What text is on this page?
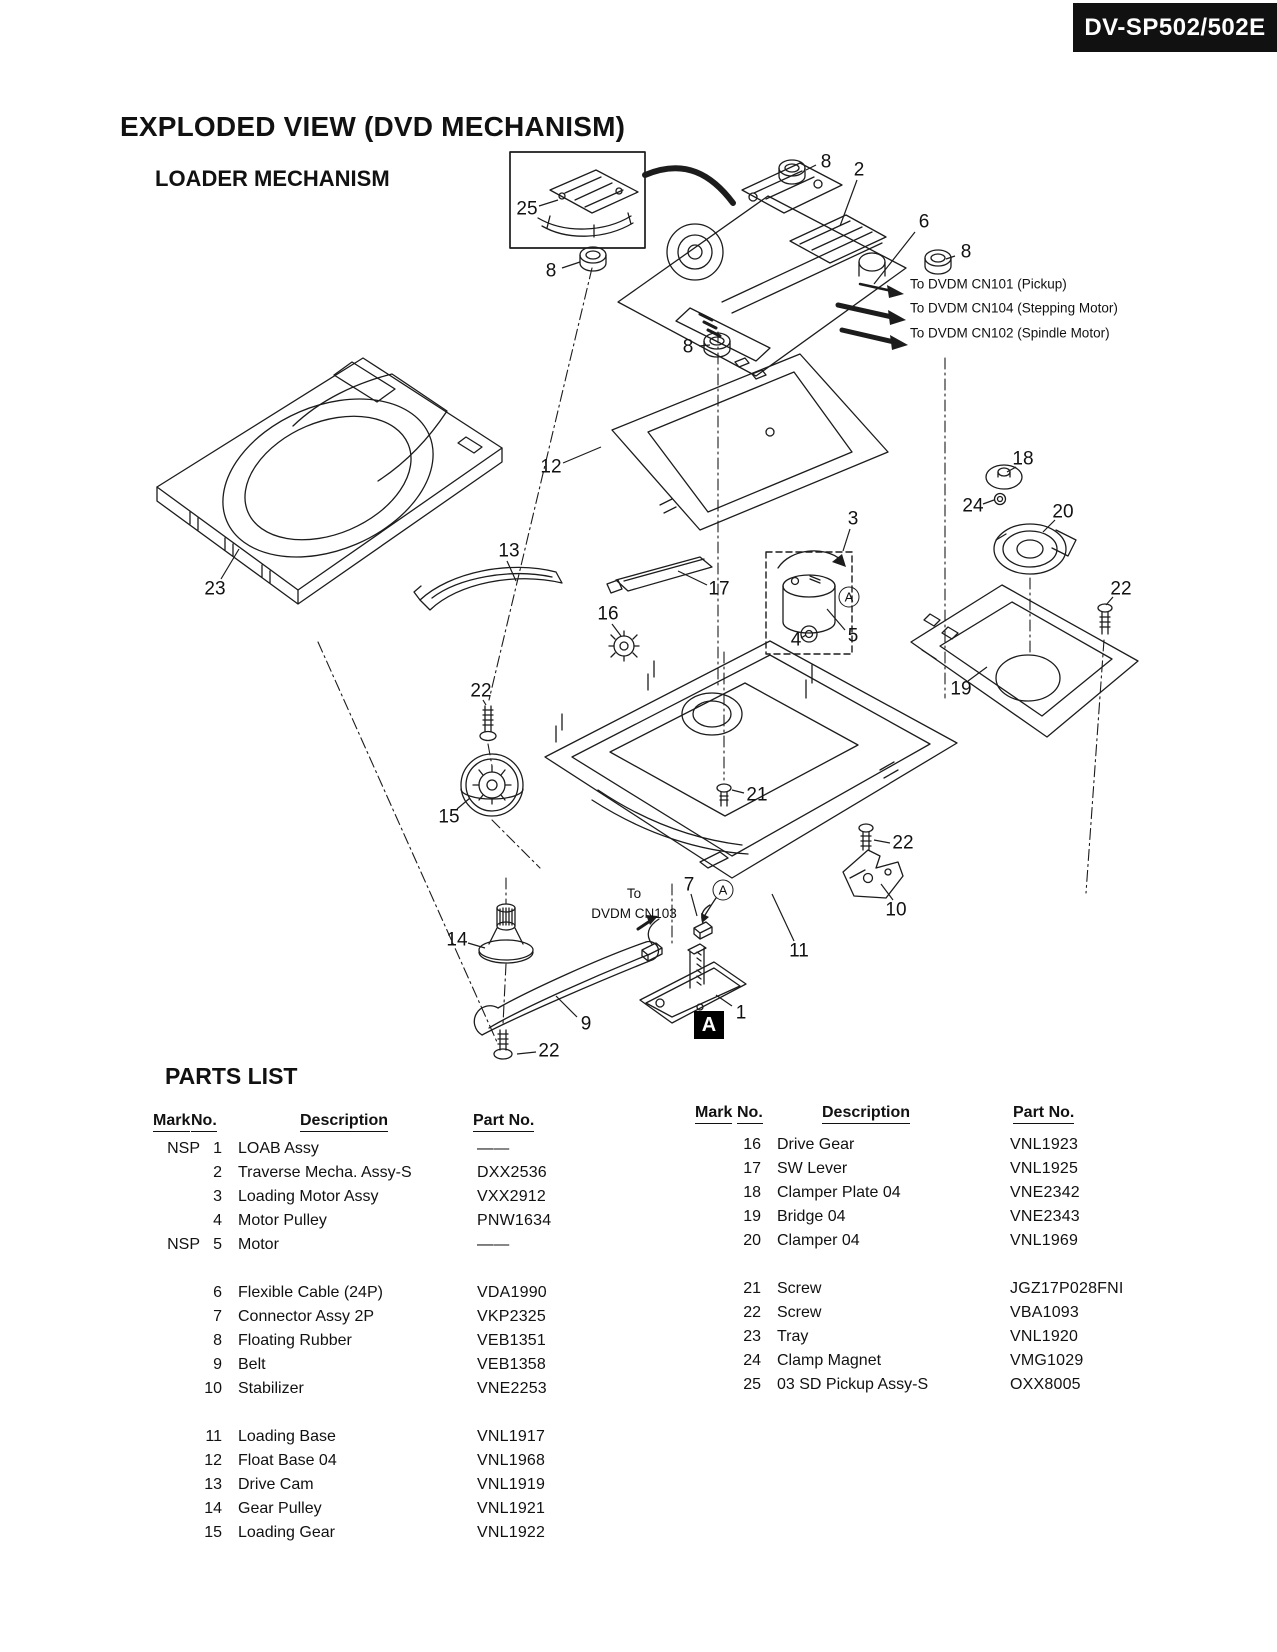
DV-SP502/502E
EXPLODED VIEW (DVD MECHANISM)
LOADER MECHANISM
25
8 2
6
8
8
8
12
23
13
17
16
3
4 5
18
24	20
22
19
22
15
21
22
10
14
7
11
9
22
1
A
A
A
To DVDM CN101 (Pickup)
To DVDM CN104 (Stepping Motor)
To DVDM CN102 (Spindle Motor)
To
DVDM CN103
PARTS LIST
Mark No.	Description	Part No.	Mark No.	Description	Part No.
NSP 1	LOAB Assy	——
2	Traverse Mecha. Assy-S	DXX2536
3	Loading Motor Assy	VXX2912
4	Motor Pulley	PNW1634
NSP 5	Motor	——
6	Flexible Cable (24P)	VDA1990
7	Connector Assy 2P	VKP2325
8	Floating Rubber	VEB1351
9	Belt	VEB1358
10	Stabilizer	VNE2253
11	Loading Base	VNL1917
12	Float Base 04	VNL1968
13	Drive Cam	VNL1919
14	Gear Pulley	VNL1921
15	Loading Gear	VNL1922
16	Drive Gear	VNL1923
17	SW Lever	VNL1925
18	Clamper Plate 04	VNE2342
19	Bridge 04	VNE2343
20	Clamper 04	VNL1969
21	Screw	JGZ17P028FNI
22	Screw	VBA1093
23	Tray	VNL1920
24	Clamp Magnet	VMG1029
25	03 SD Pickup Assy-S	OXX8005
